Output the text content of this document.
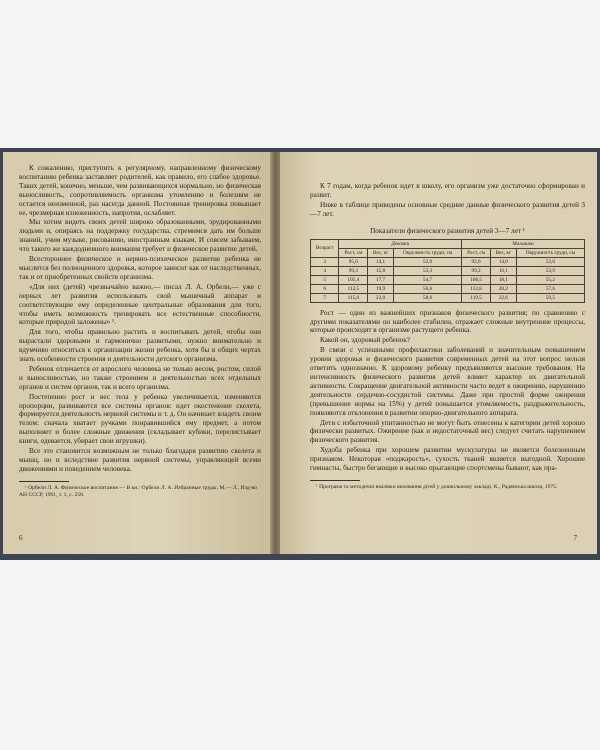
К сожалению, приступить к регулярному, направленному физическому воспитанию ребенка заставляет родителей, как правило, его слабое здоровье. Таких детей, конечно, меньше, чем развивающихся нормально, но физическая выносливость, сопротивляемость организма утомлению и болезням не остается неизменной, раз насегда данной. Постоянная тренировка повышает ее, чрезмерная изнеженность, напротив, ослабляет.

Мы хотим видеть своих детей широко образованными, эрудированными людьми и, опираясь на поддержку государства, стремимся дать им больше знаний, учим музыке, рисованию, иностранным языкам. И совсем забываем, что такого же каждодневного внимания требует и физическое развитие детей.

Всестороннее физическое и нервно-психическое развитие ребенка не мыслится без полноценного здоровья, которое зависит как от наследственных, так и от приобретенных свойств организма.

«Для них (детей) чрезвычайно важно,— писал Л. А. Орбели,— уже с первых лет развития использовать свой мышечный аппарат и соответствующие ему определенные центральные образования для того, чтобы иметь возможность тренировать все естественные способности, которые природой заложены» ¹.

Для того, чтобы правильно растить и воспитывать детей, чтобы они вырастали здоровыми и гармонично развитыми, нужно внимательно и вдумчиво относиться к организации жизни ребенка, хотя бы в общих чертах знать особенности строения и деятельности детского организма.

Ребенок отличается от взрослого человека не только весом, ростом, силой и выносливостью, но также строением и деятельностью всех отдельных органов и систем органов, так и всего организма.

Постепенно рост и вес тела у ребенка увеличивается, изменяются пропорции, развиваются все системы органов: идет окостенение скелета, формируется деятельность нервной системы и т. д. Он начинает владеть своим телом: сначала хватает ручками понравившийся ему предмет, а потом выполняет и более сложные движения (складывает кубики, перелистывает книги, одевается, убирает свои игрушки).

Все это становится возможным не только благодаря развитию скелета и мышц, но и вследствие развития нервной системы, управляющей всеми движениями и поведением человека.

¹ Орбели Л. А. Физическое воспитание.— В кн.: Орбели Л. А. Избранные труды. М.— Л., Изд-во АН СССР, 1961, т. 1, с. 258.

6

К 7 годам, когда ребенок идет в школу, его организм уже достаточно сформирован и развит.

Ниже в таблице приведены основные средние данные физического развития детей 3—7 лет.

Показатели физического развития детей 3—7 лет ¹
Возраст	Девочки			Мальчики		
	Рост, см	Вес, кг	Окружность груди, см	Рост, см	Вес, кг	Окружность груди, см
3	95,6	14,1	52,0	92,6	14,0	53,0
4	99,3	15,8	53,3	99,2	16,1	53,9
5	105,4	17,7	54,7	106,5	18,1	55,2
6	112,5	19,9	56,6	112,8	20,2	57,6
7	115,0	22,0	58,6	119,5	22,6	59,5

Рост — один из важнейших признаков физического развития; по сравнению с другими показателями он наиболее стабилен, отражает сложные внутренние процессы, которые происходят в организме растущего ребенка.

Какой он, здоровый ребенок?

В связи с успешными профилактики заболеваний и значительным повышением уровня здоровья и физического развития современных детей на этот вопрос нельзя ответить однозначно. К здоровому ребенку предъявляются высокие требования. На интенсивность физического развития детей влияет характер их двигательной активности. Сокращение двигательной активности часто ведет к ожирению, нарушению деятельности сердечно-сосудистой системы. Даже при простой форме ожирения (превышение нормы на 15%) у детей повышается утомляемость, раздражительность, появляются отклонения в развитии опорно-двигательного аппарата.

Дети с избыточной упитанностью не могут быть отнесены к категории детей хорошо физически развитых. Ожирение (как и недостаточный вес) следует считать нарушением физического развития.

Худоба ребенка при хорошем развитии мускулатуры не является болезненным признаком. Некоторая «поджарость», сухость тканей является выгодной. Хорошие гимнасты, быстро бегающие и высоко прыгающие спортсмены бывают, как пра-

¹ Програма та методичні вказівки виховання дітей у дошкільному закладі. К., Радянська школа, 1975.

7
